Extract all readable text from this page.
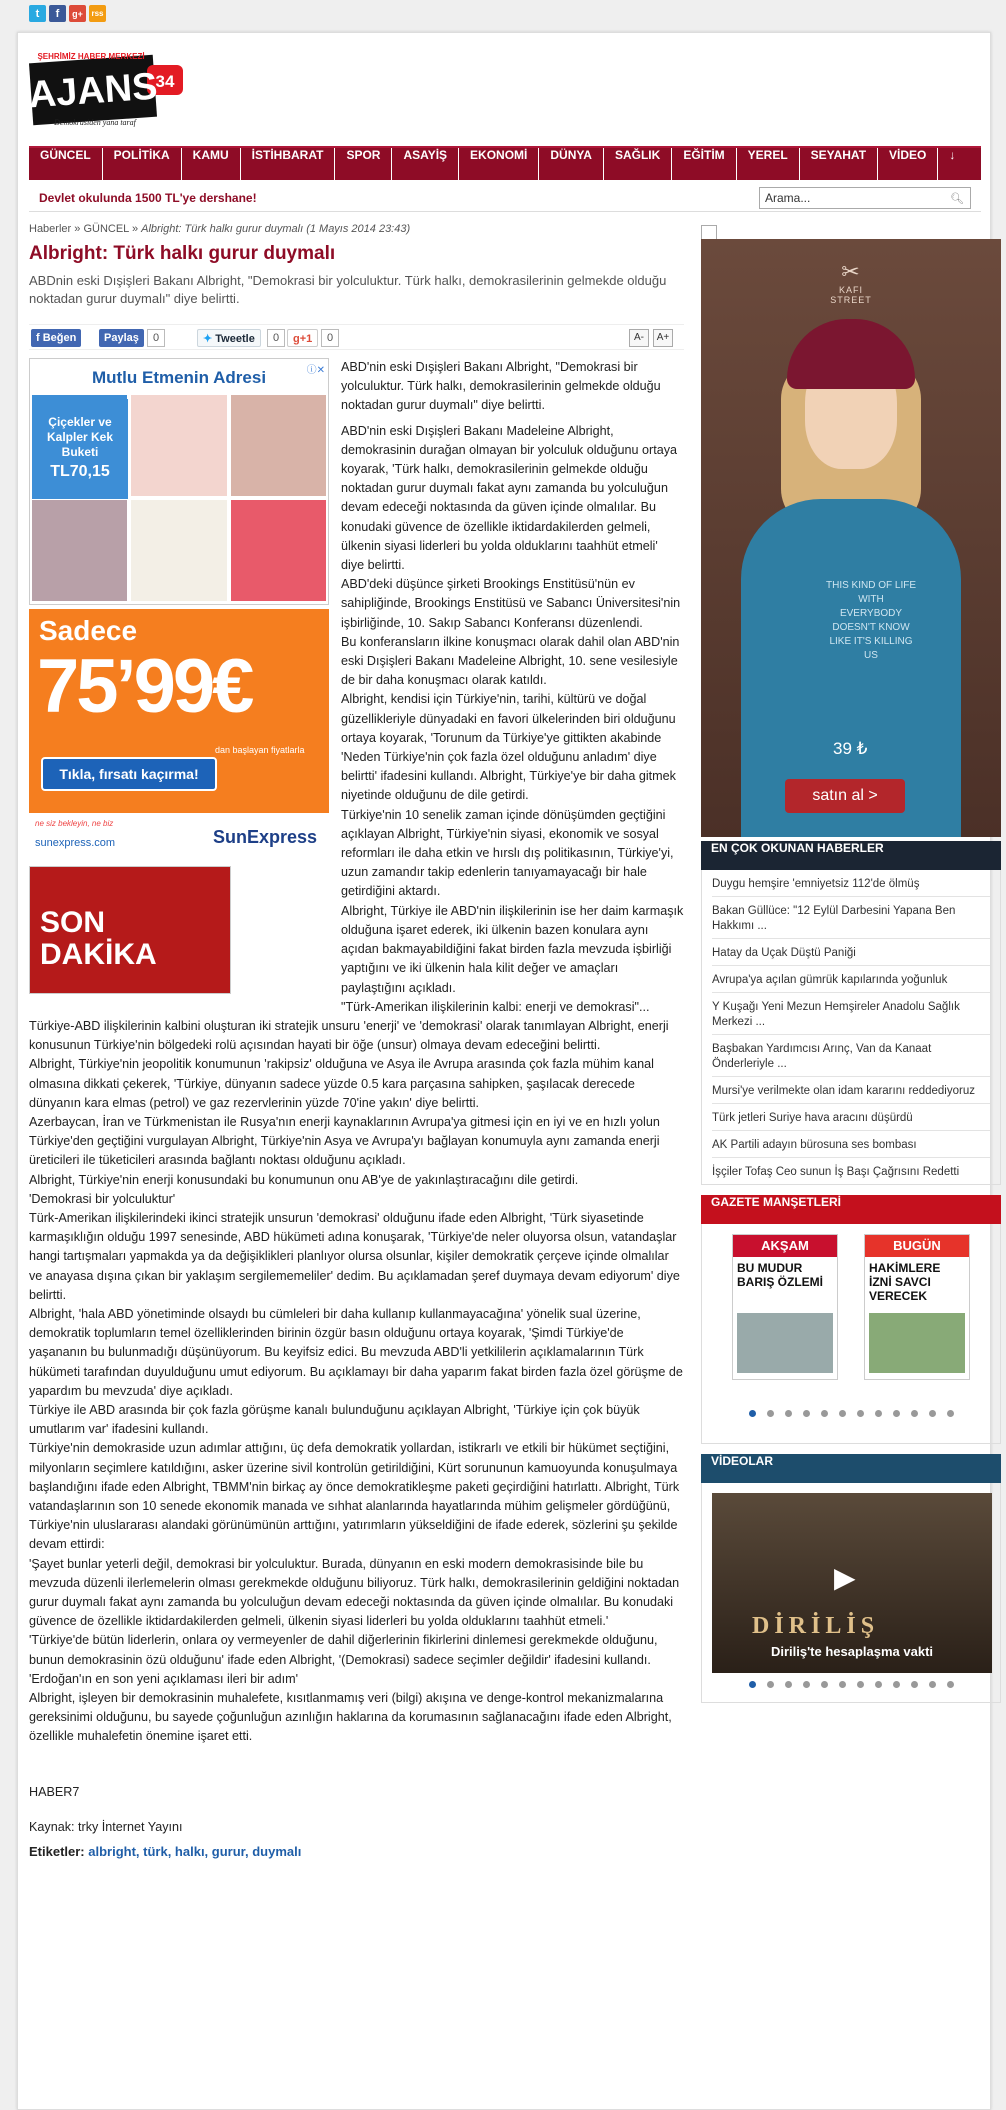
t	f	g+	rss
34
ŞEHRİMİZ HABER MERKEZİ
AJANS
Demokrasiden yana taraf
GÜNCEL	POLİTİKA	KAMU	İSTİHBARAT	SPOR	ASAYİŞ	EKONOMİ	DÜNYA	SAĞLIK	EĞİTİM	YEREL	SEYAHAT	VİDEO	↓
Devlet okulunda 1500 TL'ye dershane!	Arama...	🔍︎
Haberler » GÜNCEL » Albright: Türk halkı gurur duymalı (1 Mayıs 2014 23:43)
Albright: Türk halkı gurur duymalı
ABDnin eski Dışişleri Bakanı Albright, "Demokrasi bir yolculuktur. Türk halkı, demokrasilerinin gelmekde olduğu noktadan gurur duymalı" diye belirtti.
f Beğen	Paylaş	0	✦ Tweetle	0	g+1	0	A-	A+
Mutlu Etmenin Adresi	ⓘ✕
Çiçekler ve Kalpler Kek Buketi
TL70,15
Sadece
75’99€
dan başlayan fiyatlarla
Tıkla, fırsatı kaçırma!
ne siz bekleyin, ne biz
sunexpress.com	SunExpress
SON
DAKİKA

ABD'nin eski Dışişleri Bakanı Albright, "Demokrasi bir yolculuktur. Türk halkı, demokrasilerinin gelmekde olduğu noktadan gurur duymalı" diye belirtti.

ABD'nin eski Dışişleri Bakanı Madeleine Albright, demokrasinin durağan olmayan bir yolculuk olduğunu ortaya koyarak, 'Türk halkı, demokrasilerinin gelmekde olduğu noktadan gurur duymalı fakat aynı zamanda bu yolculuğun devam edeceği noktasında da güven içinde olmalılar. Bu konudaki güvence de özellikle iktidardakilerden gelmeli, ülkenin siyasi liderleri bu yolda olduklarını taahhüt etmeli' diye belirtti.

ABD'deki düşünce şirketi Brookings Enstitüsü'nün ev sahipliğinde, Brookings Enstitüsü ve Sabancı Üniversitesi'nin işbirliğinde, 10. Sakıp Sabancı Konferansı düzenlendi.

Bu konferansların ilkine konuşmacı olarak dahil olan ABD'nin eski Dışişleri Bakanı Madeleine Albright, 10. sene vesilesiyle de bir daha konuşmacı olarak katıldı.

Albright, kendisi için Türkiye'nin, tarihi, kültürü ve doğal güzellikleriyle dünyadaki en favori ülkelerinden biri olduğunu ortaya koyarak, 'Torunum da Türkiye'ye gittikten akabinde 'Neden Türkiye'nin çok fazla özel olduğunu anladım' diye belirtti' ifadesini kullandı. Albright, Türkiye'ye bir daha gitmek niyetinde olduğunu de dile getirdi.

Türkiye'nin 10 senelik zaman içinde dönüşümden geçtiğini açıklayan Albright, Türkiye'nin siyasi, ekonomik ve sosyal reformları ile daha etkin ve hırslı dış politikasının, Türkiye'yi, uzun zamandır takip edenlerin tanıyamayacağı bir hale getirdiğini aktardı.

Albright, Türkiye ile ABD'nin ilişkilerinin ise her daim karmaşık olduğuna işaret ederek, iki ülkenin bazen konulara aynı açıdan bakmayabildiğini fakat birden fazla mevzuda işbirliği yaptığını ve iki ülkenin hala kilit değer ve amaçları paylaştığını açıkladı.

"Türk-Amerikan ilişkilerinin kalbi: enerji ve demokrasi"...

Türkiye-ABD ilişkilerinin kalbini oluşturan iki stratejik unsuru 'enerji' ve 'demokrasi' olarak tanımlayan Albright, enerji konusunun Türkiye'nin bölgedeki rolü açısından hayati bir öğe (unsur) olmaya devam edeceğini belirtti.

Albright, Türkiye'nin jeopolitik konumunun 'rakipsiz' olduğuna ve Asya ile Avrupa arasında çok fazla mühim kanal olmasına dikkati çekerek, 'Türkiye, dünyanın sadece yüzde 0.5 kara parçasına sahipken, şaşılacak derecede dünyanın kara elmas (petrol) ve gaz rezervlerinin yüzde 70'ine yakın' diye belirtti.

Azerbaycan, İran ve Türkmenistan ile Rusya'nın enerji kaynaklarının Avrupa'ya gitmesi için en iyi ve en hızlı yolun Türkiye'den geçtiğini vurgulayan Albright, Türkiye'nin Asya ve Avrupa'yı bağlayan konumuyla aynı zamanda enerji üreticileri ile tüketicileri arasında bağlantı noktası olduğunu açıkladı.

Albright, Türkiye'nin enerji konusundaki bu konumunun onu AB'ye de yakınlaştıracağını dile getirdi.

'Demokrasi bir yolculuktur'

Türk-Amerikan ilişkilerindeki ikinci stratejik unsurun 'demokrasi' olduğunu ifade eden Albright, 'Türk siyasetinde karmaşıklığın olduğu 1997 senesinde, ABD hükümeti adına konuşarak, 'Türkiye'de neler oluyorsa olsun, vatandaşlar hangi tartışmaları yapmakda ya da değişiklikleri planlıyor olursa olsunlar, kişiler demokratik çerçeve içinde olmalılar ve anayasa dışına çıkan bir yaklaşım sergilememeliler' dedim. Bu açıklamadan şeref duymaya devam ediyorum' diye belirtti.

Albright, 'hala ABD yönetiminde olsaydı bu cümleleri bir daha kullanıp kullanmayacağına' yönelik sual üzerine, demokratik toplumların temel özelliklerinden birinin özgür basın olduğunu ortaya koyarak, 'Şimdi Türkiye'de yaşananın bu bulunmadığı düşünüyorum. Bu keyifsiz edici. Bu mevzuda ABD'li yetkililerin açıklamalarının Türk hükümeti tarafından duyulduğunu umut ediyorum. Bu açıklamayı bir daha yaparım fakat birden fazla özel görüşme de yapardım bu mevzuda' diye açıkladı.

Türkiye ile ABD arasında bir çok fazla görüşme kanalı bulunduğunu açıklayan Albright, 'Türkiye için çok büyük umutlarım var' ifadesini kullandı.

Türkiye'nin demokraside uzun adımlar attığını, üç defa demokratik yollardan, istikrarlı ve etkili bir hükümet seçtiğini, milyonların seçimlere katıldığını, asker üzerine sivil kontrolün getirildiğini, Kürt sorununun kamuoyunda konuşulmaya başlandığını ifade eden Albright, TBMM'nin birkaç ay önce demokratikleşme paketi geçirdiğini hatırlattı. Albright, Türk vatandaşlarının son 10 senede ekonomik manada ve sıhhat alanlarında hayatlarında mühim gelişmeler gördüğünü, Türkiye'nin uluslararası alandaki görünümünün arttığını, yatırımların yükseldiğini de ifade ederek, sözlerini şu şekilde devam ettirdi:

'Şayet bunlar yeterli değil, demokrasi bir yolculuktur. Burada, dünyanın en eski modern demokrasisinde bile bu mevzuda düzenli ilerlemelerin olması gerekmekde olduğunu biliyoruz. Türk halkı, demokrasilerinin geldiğini noktadan gurur duymalı fakat aynı zamanda bu yolculuğun devam edeceği noktasında da güven içinde olmalılar. Bu konudaki güvence de özellikle iktidardakilerden gelmeli, ülkenin siyasi liderleri bu yolda olduklarını taahhüt etmeli.'

'Türkiye'de bütün liderlerin, onlara oy vermeyenler de dahil diğerlerinin fikirlerini dinlemesi gerekmekde olduğunu, bunun demokrasinin özü olduğunu' ifade eden Albright, '(Demokrasi) sadece seçimler değildir' ifadesini kullandı.

'Erdoğan'ın en son yeni açıklaması ileri bir adım'

Albright, işleyen bir demokrasinin muhalefete, kısıtlanmamış veri (bilgi) akışına ve denge-kontrol mekanizmalarına gereksinimi olduğunu, bu sayede çoğunluğun azınlığın haklarına da korumasının sağlanacağını ifade eden Albright, özellikle muhalefetin önemine işaret etti.

HABER7
Kaynak: trky İnternet Yayını
Etiketler: albright, türk, halkı, gurur, duymalı
✂
KAFI STREET
THIS KIND OF LIFE WITH EVERYBODY DOESN'T KNOW LIKE IT'S KILLING US
39 ₺
satın al >
EN ÇOK OKUNAN HABERLER
Duygu hemşire 'emniyetsiz 112'de ölmüş
Bakan Güllüce: "12 Eylül Darbesini Yapana Ben Hakkımı ...
Hatay da Uçak Düştü Paniği
Avrupa'ya açılan gümrük kapılarında yoğunluk
Y Kuşağı Yeni Mezun Hemşireler Anadolu Sağlık Merkezi ...
Başbakan Yardımcısı Arınç, Van da Kanaat Önderleriyle ...
Mursi'ye verilmekte olan idam kararını reddediyoruz
Türk jetleri Suriye hava aracını düşürdü
AK Partili adayın bürosuna ses bombası
İşçiler Tofaş Ceo sunun İş Başı Çağrısını Redetti
GAZETE MANŞETLERİ
AKŞAM
BU MUDUR BARIŞ ÖZLEMİ
BUGÜN
HAKİMLERE İZNİ SAVCI VERECEK
VİDEOLAR
▶
DİRİLİŞ
Diriliş'te hesaplaşma vakti
